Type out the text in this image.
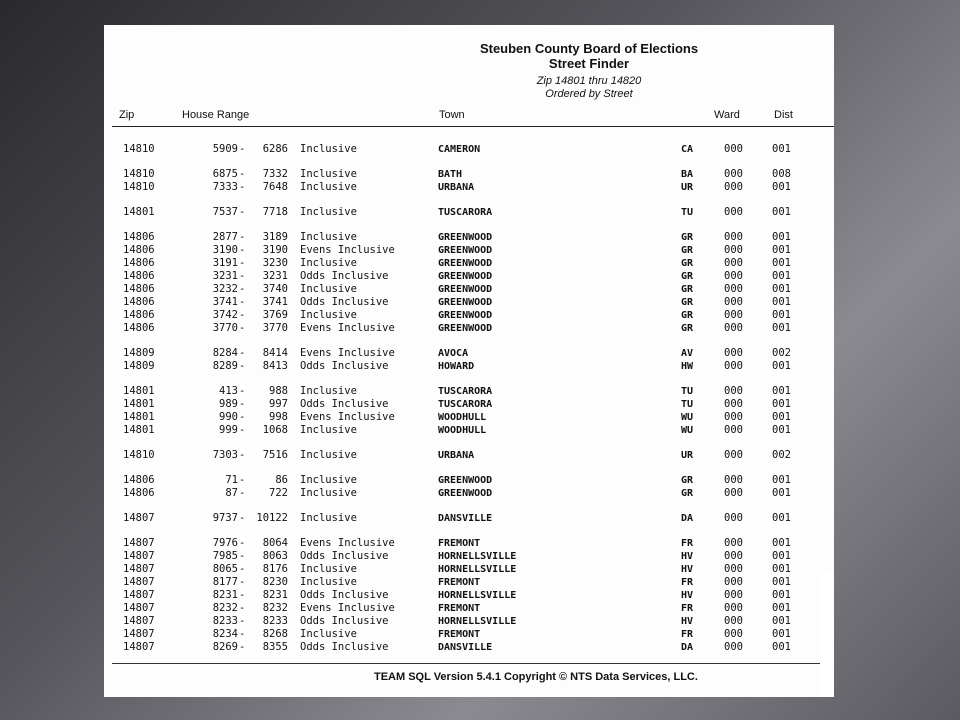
Steuben County Board of Elections
Street Finder
Zip 14801 thru 14820
Ordered by Street
Zip	House Range	Town	Ward	Dist
14810	5909 -	6286 Inclusive	CAMERON	CA	000	001
14810	6875 -	7332 Inclusive	BATH	BA	000	008
14810	7333 -	7648 Inclusive	URBANA	UR	000	001
14801	7537 -	7718 Inclusive	TUSCARORA	TU	000	001
14806	2877 -	3189 Inclusive	GREENWOOD	GR	000	001
14806	3190 -	3190 Evens Inclusive	GREENWOOD	GR	000	001
14806	3191 -	3230 Inclusive	GREENWOOD	GR	000	001
14806	3231 -	3231 Odds Inclusive	GREENWOOD	GR	000	001
14806	3232 -	3740 Inclusive	GREENWOOD	GR	000	001
14806	3741 -	3741 Odds Inclusive	GREENWOOD	GR	000	001
14806	3742 -	3769 Inclusive	GREENWOOD	GR	000	001
14806	3770 -	3770 Evens Inclusive	GREENWOOD	GR	000	001
14809	8284 -	8414 Evens Inclusive	AVOCA	AV	000	002
14809	8289 -	8413 Odds Inclusive	HOWARD	HW	000	001
14801	413 -	988 Inclusive	TUSCARORA	TU	000	001
14801	989 -	997 Odds Inclusive	TUSCARORA	TU	000	001
14801	990 -	998 Evens Inclusive	WOODHULL	WU	000	001
14801	999 -	1068 Inclusive	WOODHULL	WU	000	001
14810	7303 -	7516 Inclusive	URBANA	UR	000	002
14806	71 -	86 Inclusive	GREENWOOD	GR	000	001
14806	87 -	722 Inclusive	GREENWOOD	GR	000	001
14807	9737 -	10122 Inclusive	DANSVILLE	DA	000	001
14807	7976 -	8064 Evens Inclusive	FREMONT	FR	000	001
14807	7985 -	8063 Odds Inclusive	HORNELLSVILLE	HV	000	001
14807	8065 -	8176 Inclusive	HORNELLSVILLE	HV	000	001
14807	8177 -	8230 Inclusive	FREMONT	FR	000	001
14807	8231 -	8231 Odds Inclusive	HORNELLSVILLE	HV	000	001
14807	8232 -	8232 Evens Inclusive	FREMONT	FR	000	001
14807	8233 -	8233 Odds Inclusive	HORNELLSVILLE	HV	000	001
14807	8234 -	8268 Inclusive	FREMONT	FR	000	001
14807	8269 -	8355 Odds Inclusive	DANSVILLE	DA	000	001
TEAM SQL Version 5.4.1 Copyright © NTS Data Services, LLC.
